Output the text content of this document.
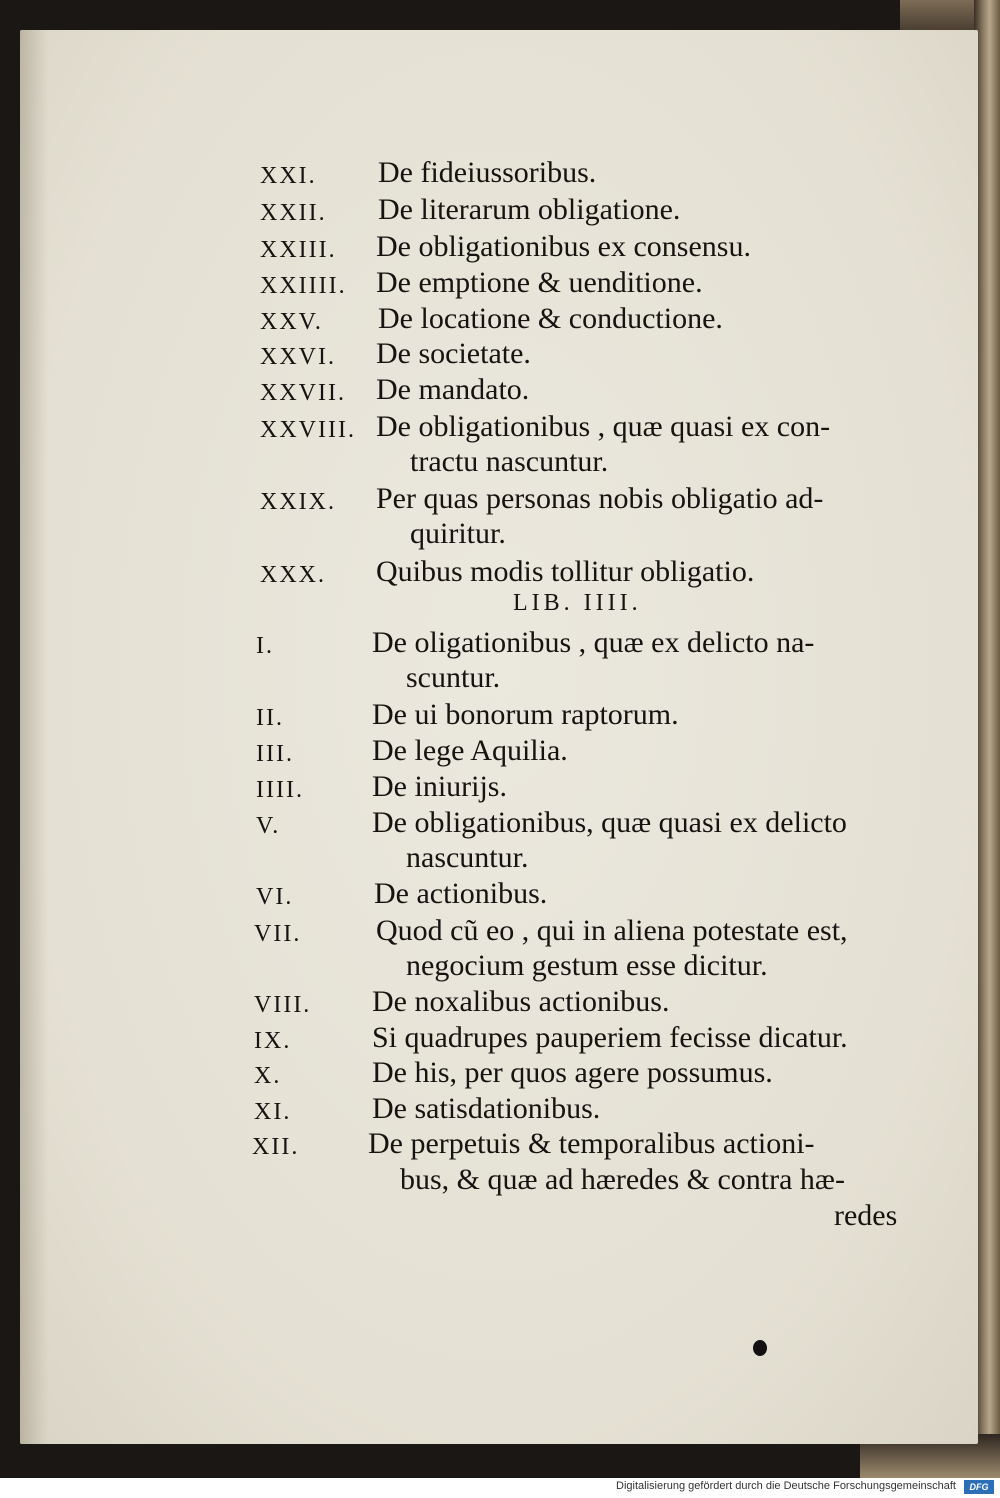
XXI. De fideiussoribus.
XXII. De literarum obligatione.
XXIII. De obligationibus ex consensu.
XXIIII. De emptione & uenditione.
XXV. De locatione & conductione.
XXVI. De societate.
XXVII. De mandato.
XXVIII. De obligationibus , quæ quasi ex con-
tractu nascuntur.
XXIX. Per quas personas nobis obligatio ad-
quiritur.
XXX. Quibus modis tollitur obligatio.
LIB. IIII.
I.	De oligationibus , quæ ex delicto na-
scuntur.
II.	De ui bonorum raptorum.
III.	De lege Aquilia.
IIII. De iniurijs.
V.	De obligationibus, quæ quasi ex delicto
nascuntur.
VI.	De actionibus.
VII. Quod cũ eo , qui in aliena potestate est,
negocium gestum esse dicitur.
VIII. De noxalibus actionibus.
IX.	Si quadrupes pauperiem fecisse dicatur.
X.	De his, per quos agere possumus.
XI.	De satisdationibus.
XII. De perpetuis & temporalibus actioni-
bus, & quæ ad hæredes & contra hæ-
redes
Digitalisierung gefördert durch die Deutsche Forschungsgemeinschaft	DFG
